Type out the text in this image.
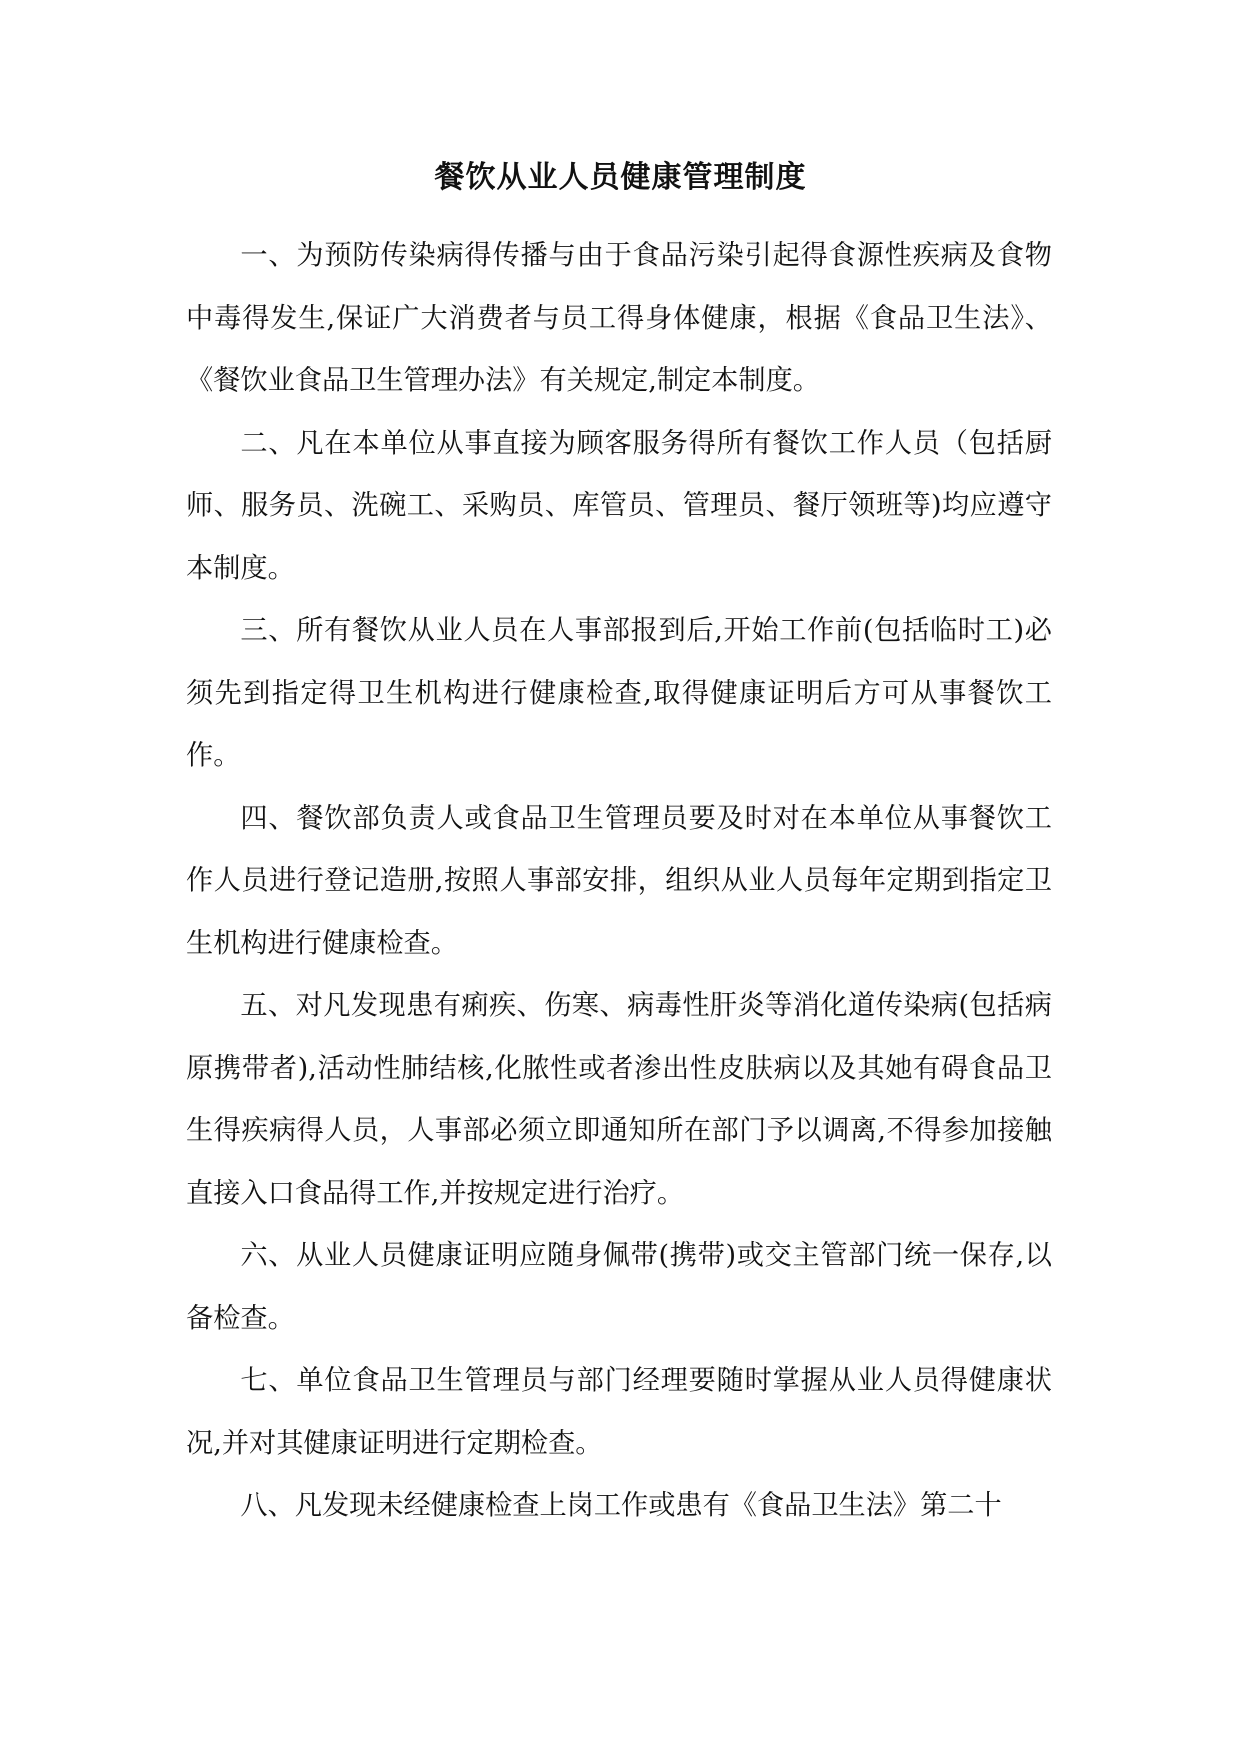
餐饮从业人员健康管理制度

一、为预防传染病得传播与由于食品污染引起得食源性疾病及食物中毒得发生,保证广大消费者与员工得身体健康，根据《食品卫生法》、《餐饮业食品卫生管理办法》有关规定,制定本制度。

二、凡在本单位从事直接为顾客服务得所有餐饮工作人员（包括厨师、服务员、洗碗工、采购员、库管员、管理员、餐厅领班等)均应遵守本制度。

三、所有餐饮从业人员在人事部报到后,开始工作前(包括临时工)必须先到指定得卫生机构进行健康检查,取得健康证明后方可从事餐饮工作。

四、餐饮部负责人或食品卫生管理员要及时对在本单位从事餐饮工作人员进行登记造册,按照人事部安排，组织从业人员每年定期到指定卫生机构进行健康检查。

五、对凡发现患有痢疾、伤寒、病毒性肝炎等消化道传染病(包括病原携带者),活动性肺结核,化脓性或者渗出性皮肤病以及其她有碍食品卫生得疾病得人员，人事部必须立即通知所在部门予以调离,不得参加接触直接入口食品得工作,并按规定进行治疗。

六、从业人员健康证明应随身佩带(携带)或交主管部门统一保存,以备检查。

七、单位食品卫生管理员与部门经理要随时掌握从业人员得健康状况,并对其健康证明进行定期检查。

八、凡发现未经健康检查上岗工作或患有《食品卫生法》第二十
